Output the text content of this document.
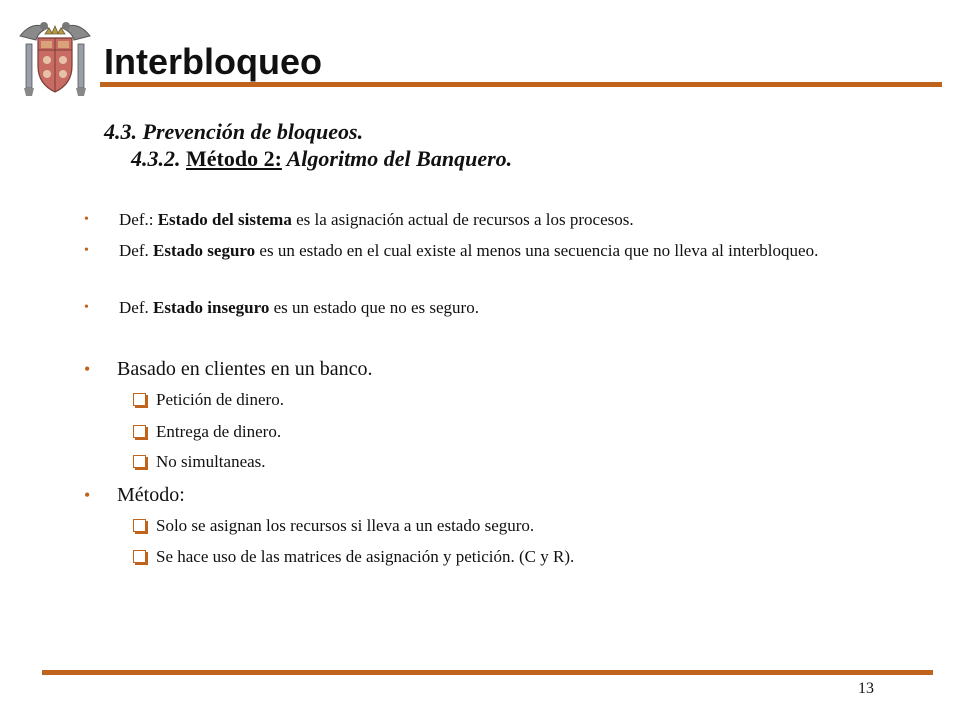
Interbloqueo
4.3. Prevención de bloqueos.
4.3.2. Método 2: Algoritmo del Banquero.
• Def.: Estado del sistema es la asignación actual de recursos a los procesos.
• Def. Estado seguro es un estado en el cual existe al menos una secuencia que no lleva al interbloqueo.
• Def. Estado inseguro es un estado que no es seguro.
• Basado en clientes en un banco.
Petición de dinero.
Entrega de dinero.
No simultaneas.
• Método:
Solo se asignan los recursos si lleva a un estado seguro.
Se hace uso de las matrices de asignación y petición. (C y R).
13
